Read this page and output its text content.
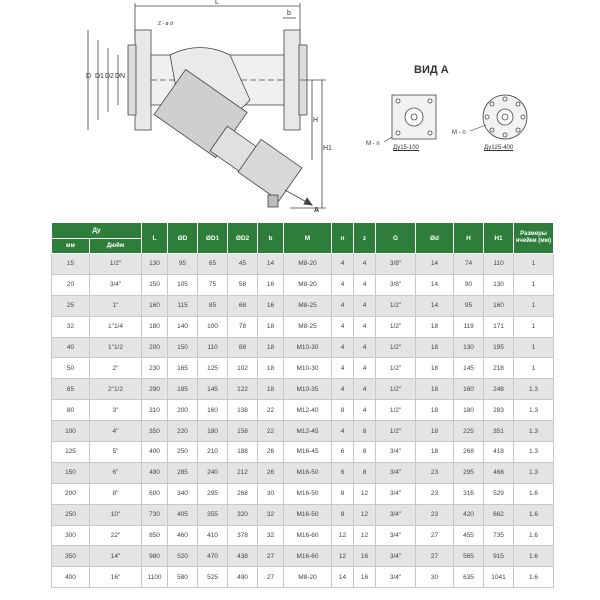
L
b
Z - ø d
D D1 D2 DN
H
H1
A
ВИД А
M - n
M - n
Ду15-100	Ду125-400
Ду		L	ØD	ØD1	ØD2	b	M	n	z	G	Ød	H	H1	Размеры ячейки (мм)
мм	Дюйм													
15	1/2"	130	95	65	45	14	M8-20	4	4	3/8"	14	74	110	1
20	3/4"	150	105	75	58	16	M8-20	4	4	3/8"	14	90	130	1
25	1"	160	115	85	68	16	M8-25	4	4	1/2"	14	95	160	1
32	1"1/4	180	140	100	78	18	M8-25	4	4	1/2"	18	119	171	1
40	1"1/2	200	150	110	88	18	M10-30	4	4	1/2"	18	130	195	1
50	2"	230	165	125	102	18	M10-30	4	4	1/2"	18	145	218	1
65	2"1/2	290	185	145	122	18	M10-35	4	4	1/2"	18	160	248	1.3
80	3"	310	200	160	138	22	M12-40	8	4	1/2"	18	180	283	1.3
100	4"	350	220	180	158	22	M12-45	4	8	1/2"	18	225	351	1.3
125	5"	400	250	210	188	26	M16-45	6	8	3/4"	18	268	418	1.3
150	6"	480	285	240	212	26	M16-50	6	8	3/4"	23	295	468	1.3
200	8"	600	340	295	268	30	M16-50	8	12	3/4"	23	316	529	1.6
250	10"	730	405	355	320	32	M16-50	8	12	3/4"	23	420	662	1.6
300	22"	850	460	410	378	32	M16-60	12	12	3/4"	27	455	735	1.6
350	14"	980	520	470	438	27	M16-60	12	16	3/4"	27	565	915	1.6
400	16"	1100	580	525	490	27	M8-20	14	16	3/4"	30	635	1041	1.6
